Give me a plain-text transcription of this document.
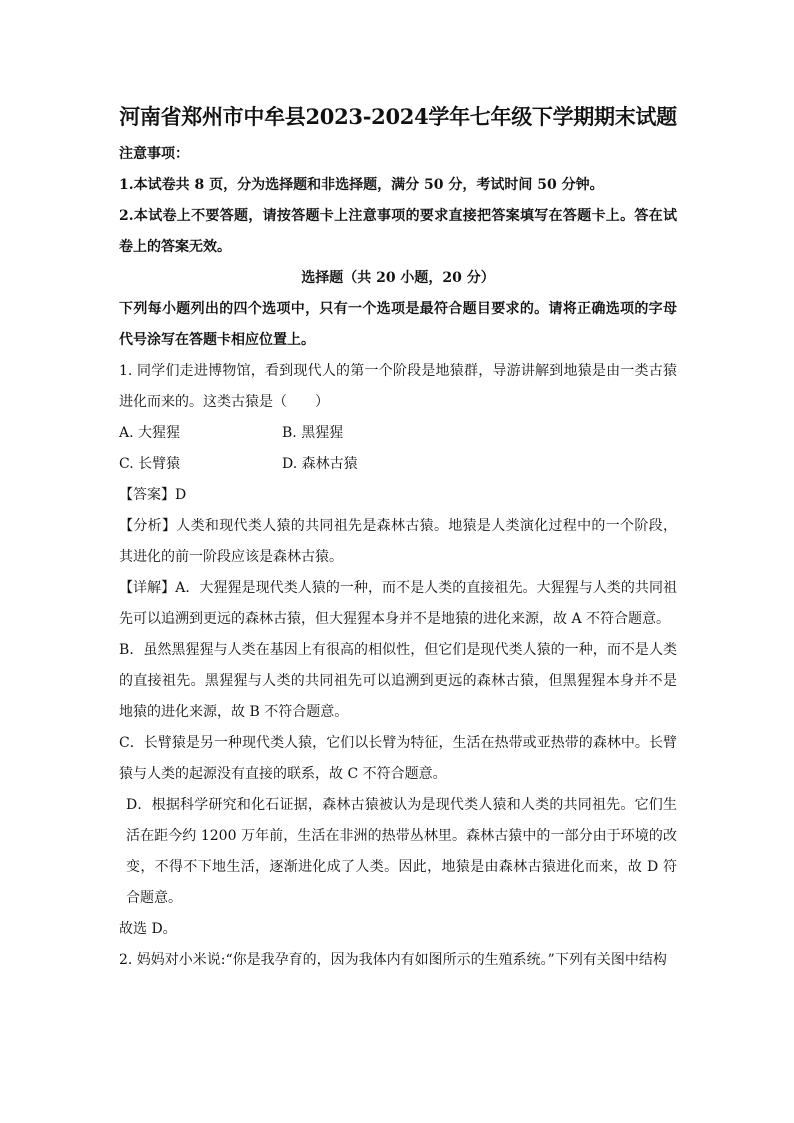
河南省郑州市中牟县2023-2024学年七年级下学期期末试题
注意事项：
1.本试卷共 8 页，分为选择题和非选择题，满分 50 分，考试时间 50 分钟。

2.本试卷上不要答题，请按答题卡上注意事项的要求直接把答案填写在答题卡上。答在试卷上的答案无效。

选择题（共 20 小题，20 分）

下列每小题列出的四个选项中，只有一个选项是最符合题目要求的。请将正确选项的字母代号涂写在答题卡相应位置上。

1. 同学们走进博物馆，看到现代人的第一个阶段是地猿群，导游讲解到地猿是由一类古猿进化而来的。这类古猿是（　　）

A. 大猩猩	B. 黑猩猩
C. 长臂猿	D. 森林古猿
【答案】D

【分析】人类和现代类人猿的共同祖先是森林古猿。地猿是人类演化过程中的一个阶段，其进化的前一阶段应该是森林古猿。

【详解】A．大猩猩是现代类人猿的一种，而不是人类的直接祖先。大猩猩与人类的共同祖先可以追溯到更远的森林古猿，但大猩猩本身并不是地猿的进化来源，故 A 不符合题意。

B．虽然黑猩猩与人类在基因上有很高的相似性，但它们是现代类人猿的一种，而不是人类的直接祖先。黑猩猩与人类的共同祖先可以追溯到更远的森林古猿，但黑猩猩本身并不是地猿的进化来源，故 B 不符合题意。

C．长臂猿是另一种现代类人猿，它们以长臂为特征，生活在热带或亚热带的森林中。长臂猿与人类的起源没有直接的联系，故 C 不符合题意。

D．根据科学研究和化石证据，森林古猿被认为是现代类人猿和人类的共同祖先。它们生活在距今约 1200 万年前，生活在非洲的热带丛林里。森林古猿中的一部分由于环境的改变，不得不下地生活，逐渐进化成了人类。因此，地猿是由森林古猿进化而来，故 D 符合题意。

故选 D。
2. 妈妈对小米说:“你是我孕育的，因为我体内有如图所示的生殖系统。”下列有关图中结构
